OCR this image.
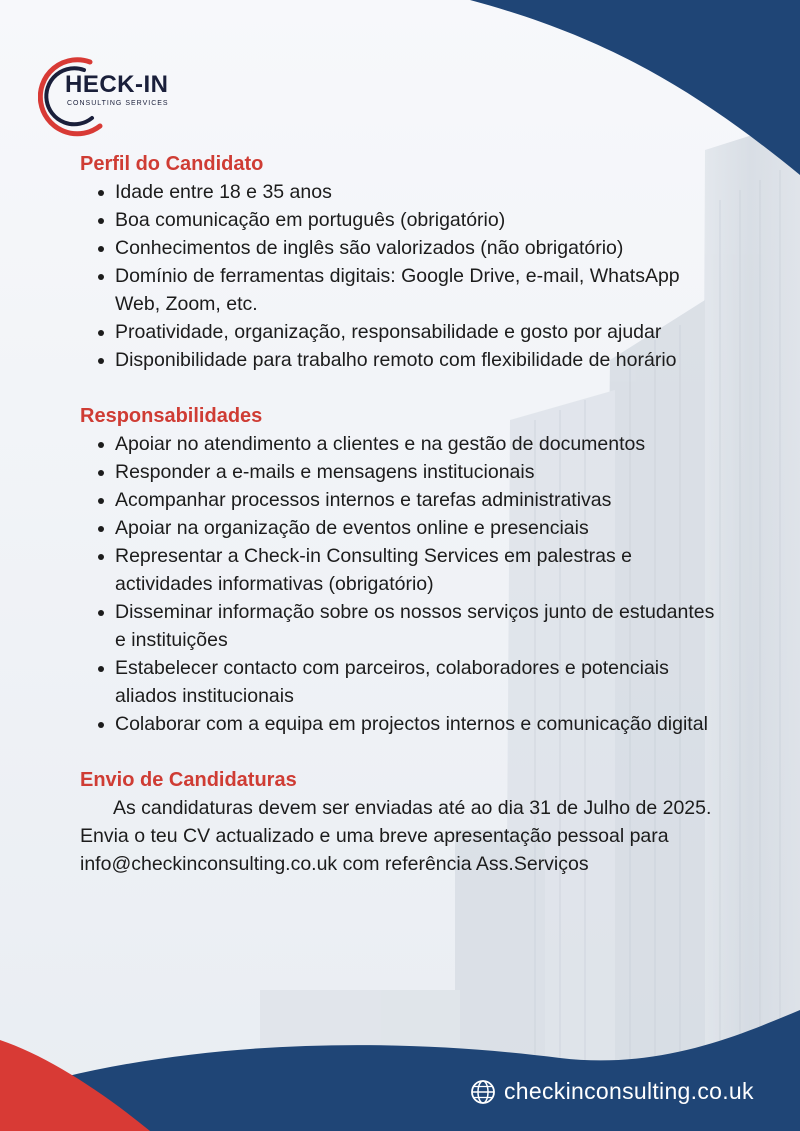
HECK-IN
CONSULTING SERVICES
Perfil do Candidato
Idade entre 18 e 35 anos
Boa comunicação em português (obrigatório)
Conhecimentos de inglês são valorizados (não obrigatório)
Domínio de ferramentas digitais: Google Drive, e-mail, WhatsApp Web, Zoom, etc.
Proatividade, organização, responsabilidade e gosto por ajudar
Disponibilidade para trabalho remoto com flexibilidade de horário
Responsabilidades
Apoiar no atendimento a clientes e na gestão de documentos
Responder a e-mails e mensagens institucionais
Acompanhar processos internos e tarefas administrativas
Apoiar na organização de eventos online e presenciais
Representar a Check-in Consulting Services em palestras e actividades informativas (obrigatório)
Disseminar informação sobre os nossos serviços junto de estudantes e instituições
Estabelecer contacto com parceiros, colaboradores e potenciais aliados institucionais
Colaborar com a equipa em projectos internos e comunicação digital
Envio de Candidaturas

As candidaturas devem ser enviadas até ao dia 31 de Julho de 2025. Envia o teu CV actualizado e uma breve apresentação pessoal para info@checkinconsulting.co.uk com referência Ass.Serviços

checkinconsulting.co.uk
